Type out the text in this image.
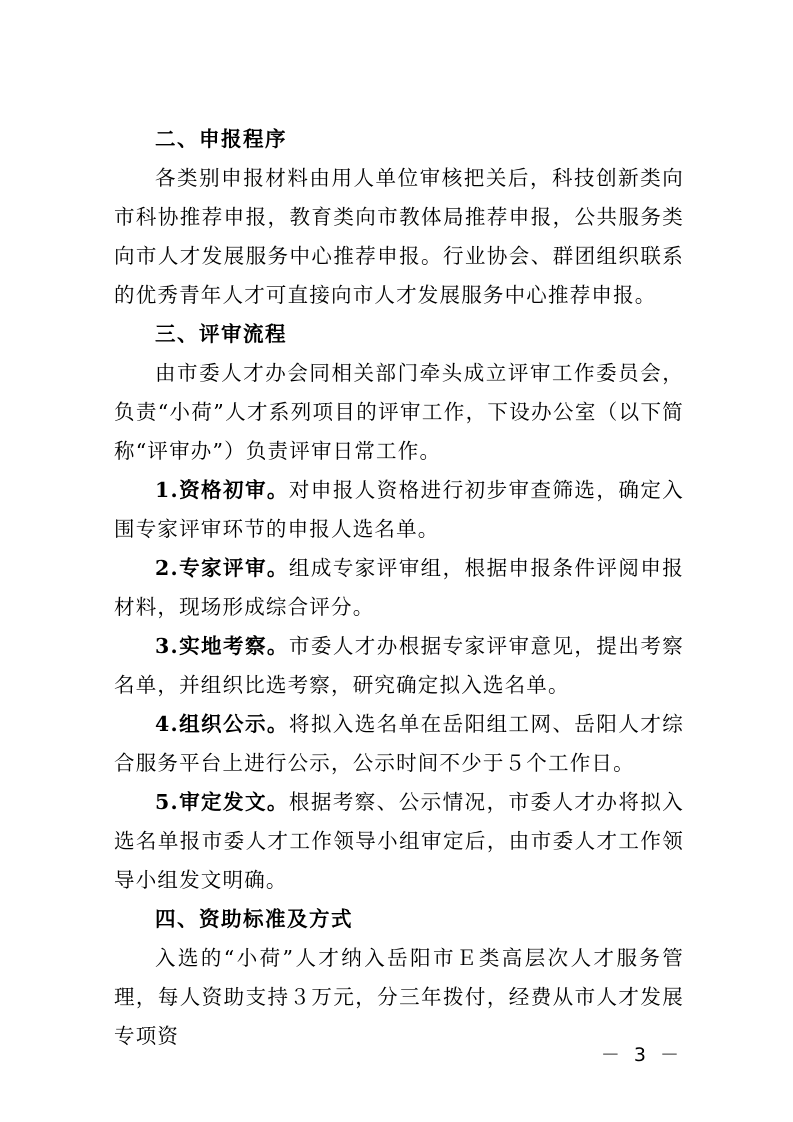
二、申报程序

各类别申报材料由用人单位审核把关后，科技创新类向市科协推荐申报，教育类向市教体局推荐申报，公共服务类向市人才发展服务中心推荐申报。行业协会、群团组织联系的优秀青年人才可直接向市人才发展服务中心推荐申报。

三、评审流程

由市委人才办会同相关部门牵头成立评审工作委员会，负责“小荷”人才系列项目的评审工作，下设办公室（以下简称“评审办”）负责评审日常工作。

1.资格初审。对申报人资格进行初步审查筛选，确定入围专家评审环节的申报人选名单。

2.专家评审。组成专家评审组，根据申报条件评阅申报材料，现场形成综合评分。

3.实地考察。市委人才办根据专家评审意见，提出考察名单，并组织比选考察，研究确定拟入选名单。

4.组织公示。将拟入选名单在岳阳组工网、岳阳人才综合服务平台上进行公示，公示时间不少于５个工作日。

5.审定发文。根据考察、公示情况，市委人才办将拟入选名单报市委人才工作领导小组审定后，由市委人才工作领导小组发文明确。

四、资助标准及方式

入选的“小荷”人才纳入岳阳市Ｅ类高层次人才服务管理，每人资助支持３万元，分三年拨付，经费从市人才发展专项资

－ 3 －
